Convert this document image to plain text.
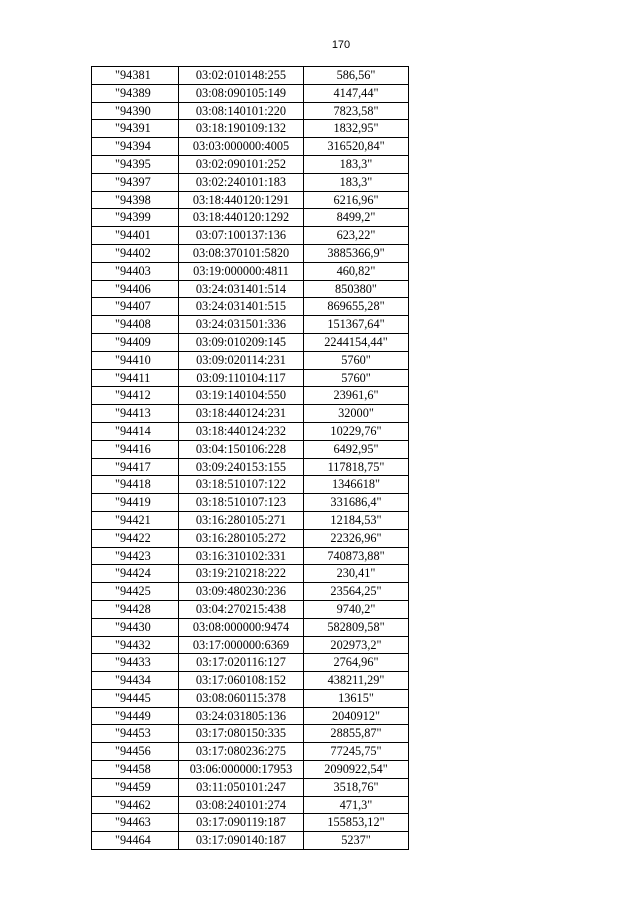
170
"94381	03:02:010148:255	586,56"
"94389	03:08:090105:149	4147,44"
"94390	03:08:140101:220	7823,58"
"94391	03:18:190109:132	1832,95"
"94394	03:03:000000:4005	316520,84"
"94395	03:02:090101:252	183,3"
"94397	03:02:240101:183	183,3"
"94398	03:18:440120:1291	6216,96"
"94399	03:18:440120:1292	8499,2"
"94401	03:07:100137:136	623,22"
"94402	03:08:370101:5820	3885366,9"
"94403	03:19:000000:4811	460,82"
"94406	03:24:031401:514	850380"
"94407	03:24:031401:515	869655,28"
"94408	03:24:031501:336	151367,64"
"94409	03:09:010209:145	2244154,44"
"94410	03:09:020114:231	5760"
"94411	03:09:110104:117	5760"
"94412	03:19:140104:550	23961,6"
"94413	03:18:440124:231	32000"
"94414	03:18:440124:232	10229,76"
"94416	03:04:150106:228	6492,95"
"94417	03:09:240153:155	117818,75"
"94418	03:18:510107:122	1346618"
"94419	03:18:510107:123	331686,4"
"94421	03:16:280105:271	12184,53"
"94422	03:16:280105:272	22326,96"
"94423	03:16:310102:331	740873,88"
"94424	03:19:210218:222	230,41"
"94425	03:09:480230:236	23564,25"
"94428	03:04:270215:438	9740,2"
"94430	03:08:000000:9474	582809,58"
"94432	03:17:000000:6369	202973,2"
"94433	03:17:020116:127	2764,96"
"94434	03:17:060108:152	438211,29"
"94445	03:08:060115:378	13615"
"94449	03:24:031805:136	2040912"
"94453	03:17:080150:335	28855,87"
"94456	03:17:080236:275	77245,75"
"94458	03:06:000000:17953	2090922,54"
"94459	03:11:050101:247	3518,76"
"94462	03:08:240101:274	471,3"
"94463	03:17:090119:187	155853,12"
"94464	03:17:090140:187	5237"
